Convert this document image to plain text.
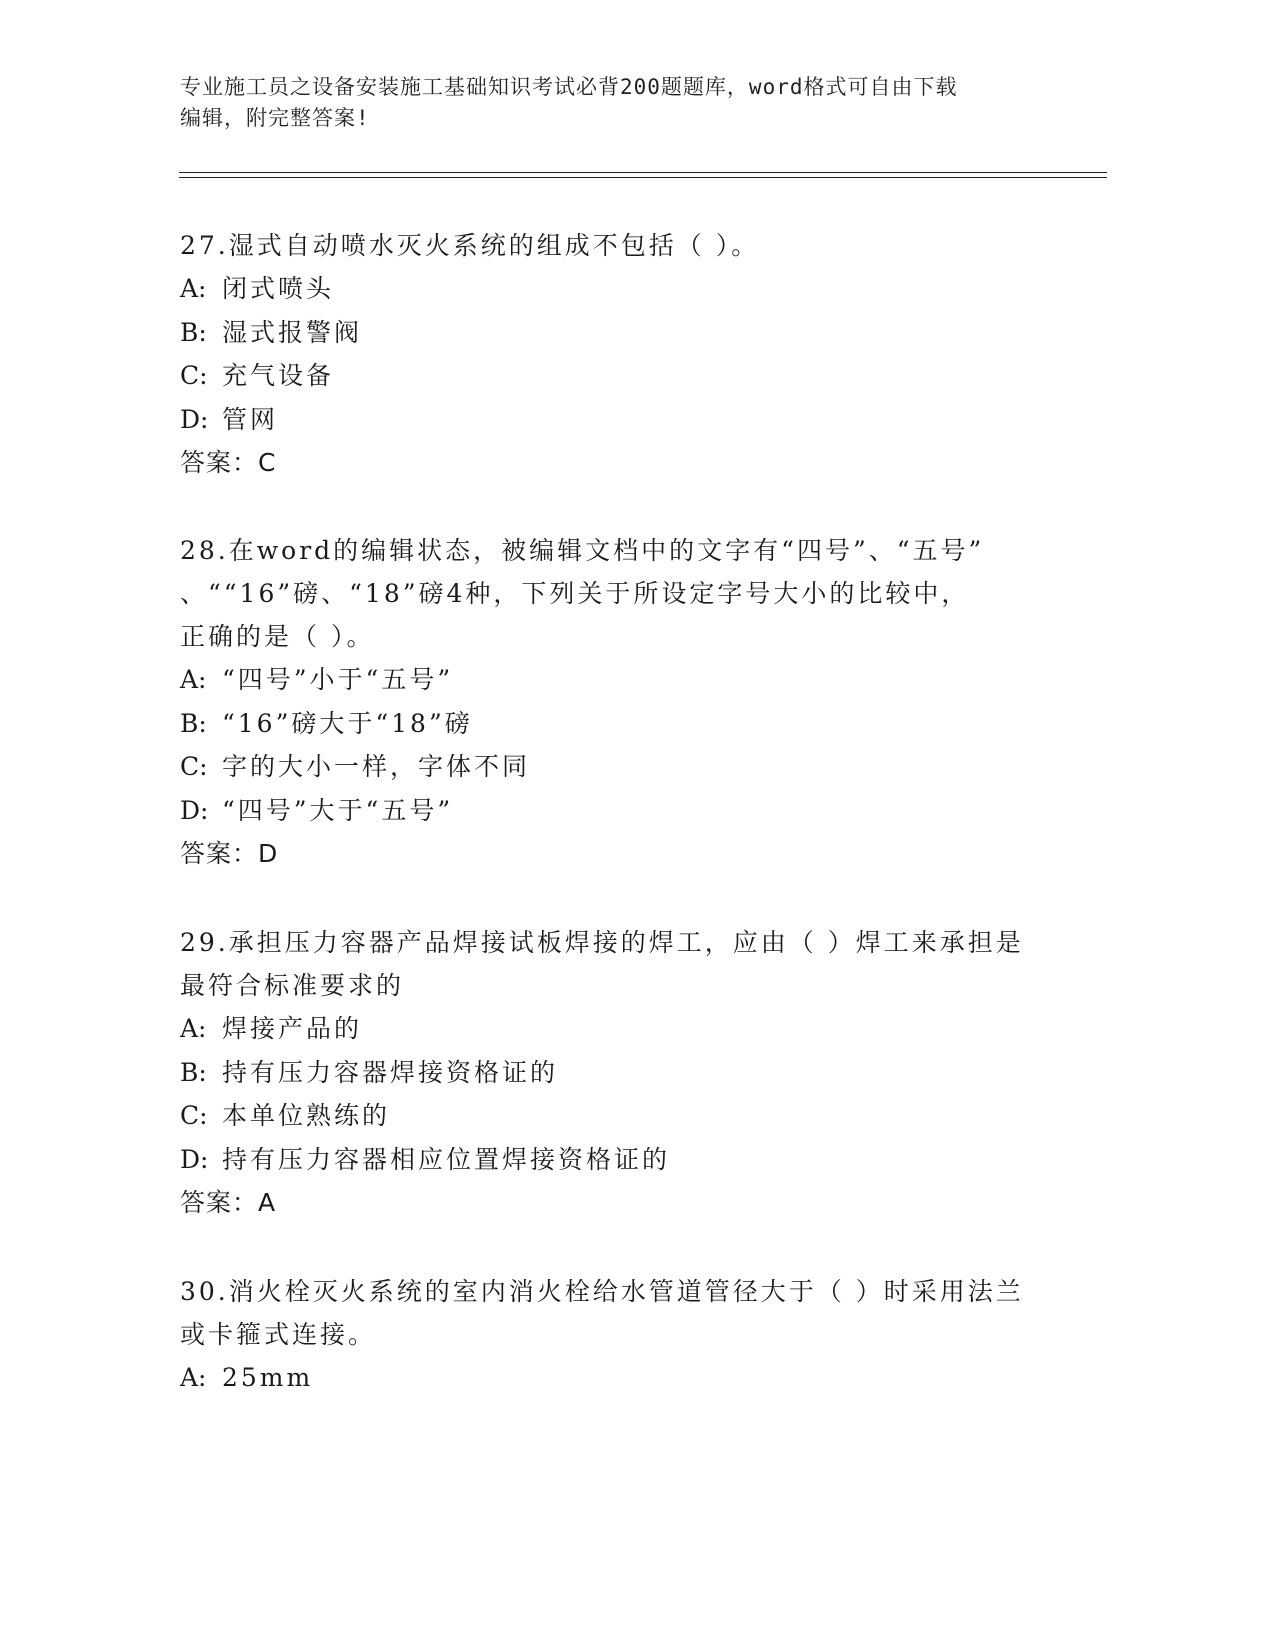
专业施工员之设备安装施工基础知识考试必背200题题库，word格式可自由下载
编辑，附完整答案!
27.湿式自动喷水灭火系统的组成不包括（ ）。
A: 闭式喷头
B: 湿式报警阀
C: 充气设备
D: 管网
答案：C
28.在word的编辑状态，被编辑文档中的文字有“四号”、“五号”
、““16”磅、“18”磅4种，下列关于所设定字号大小的比较中，
正确的是（ ）。
A: “四号”小于“五号”
B: “16”磅大于“18”磅
C: 字的大小一样，字体不同
D: “四号”大于“五号”
答案：D
29.承担压力容器产品焊接试板焊接的焊工，应由（ ）焊工来承担是
最符合标准要求的
A: 焊接产品的
B: 持有压力容器焊接资格证的
C: 本单位熟练的
D: 持有压力容器相应位置焊接资格证的
答案：A
30.消火栓灭火系统的室内消火栓给水管道管径大于（ ）时采用法兰
或卡箍式连接。
A: 25mm
